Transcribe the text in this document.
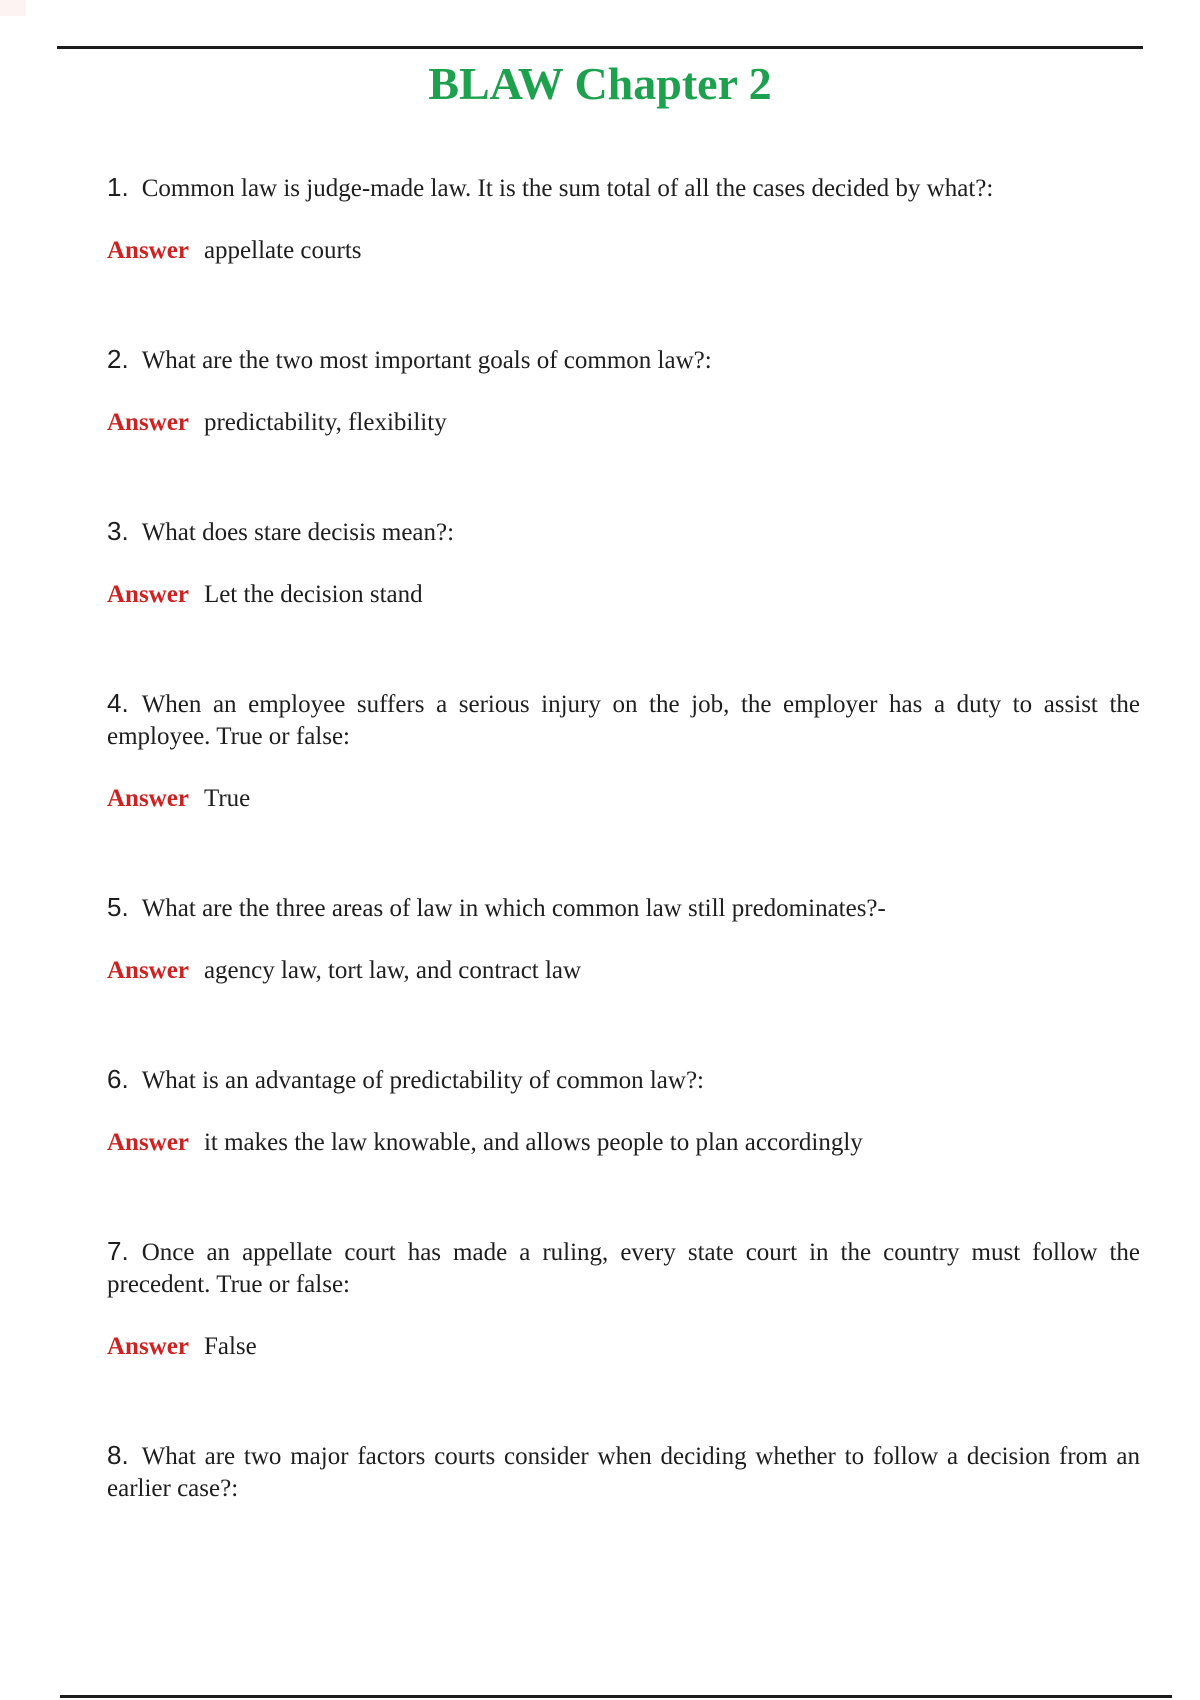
BLAW Chapter 2

1. Common law is judge-made law. It is the sum total of all the cases decided by what?:

Answer appellate courts

2. What are the two most important goals of common law?:

Answer predictability, flexibility

3. What does stare decisis mean?:

Answer Let the decision stand

4. When an employee suffers a serious injury on the job, the employer has a duty to assist the employee. True or false:

Answer True

5. What are the three areas of law in which common law still predominates?-

Answer agency law, tort law, and contract law

6. What is an advantage of predictability of common law?:

Answer it makes the law knowable, and allows people to plan accordingly

7. Once an appellate court has made a ruling, every state court in the country must follow the precedent. True or false:

Answer False

8. What are two major factors courts consider when deciding whether to follow a decision from an earlier case?:
